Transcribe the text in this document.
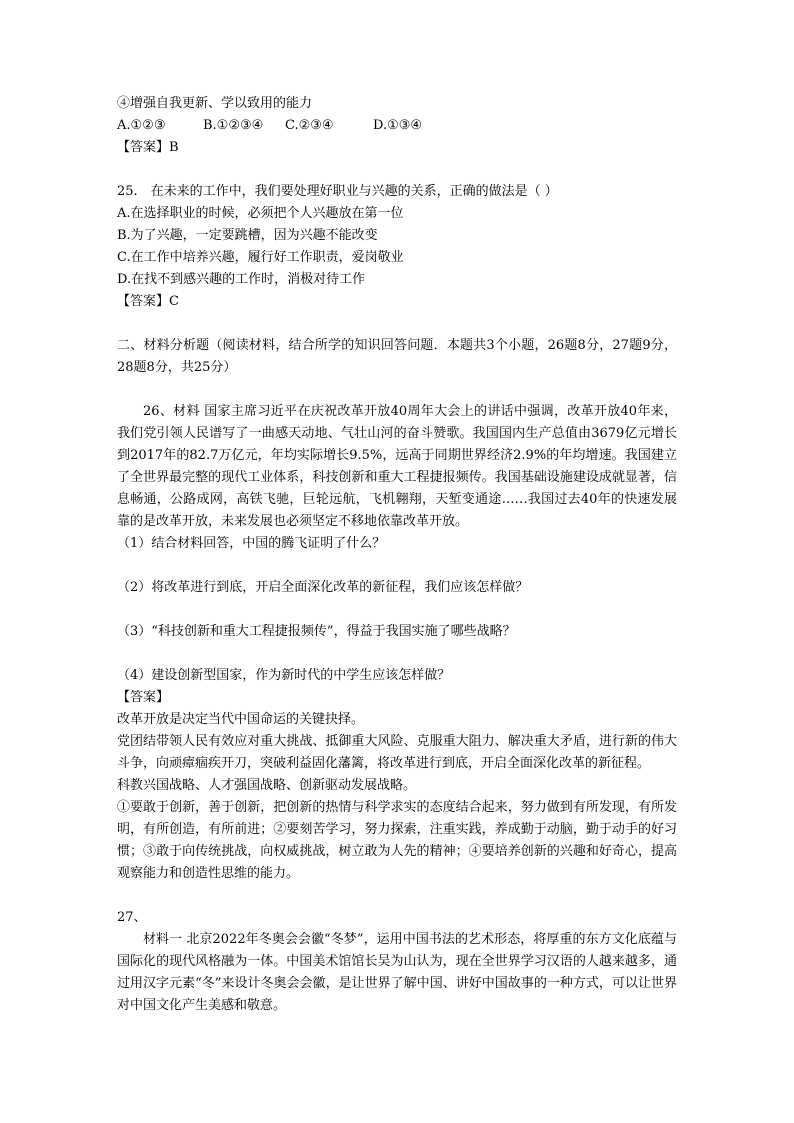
④增强自我更新、学以致用的能力
A.①②③	B.①②③④ C.②③④	D.①③④
【答案】B
25.　在未来的工作中，我们要处理好职业与兴趣的关系，正确的做法是（ ）
A.在选择职业的时候，必须把个人兴趣放在第一位
B.为了兴趣，一定要跳槽，因为兴趣不能改变
C.在工作中培养兴趣，履行好工作职责，爱岗敬业
D.在找不到感兴趣的工作时，消极对待工作
【答案】C
二、材料分析题（阅读材料，结合所学的知识回答问题．本题共3个小题，26题8分，27题9分，28题8分，共25分）
26、材料 国家主席习近平在庆祝改革开放40周年大会上的讲话中强调，改革开放40年来，我们党引领人民谱写了一曲感天动地、气壮山河的奋斗赞歌。我国国内生产总值由3679亿元增长到2017年的82.7万亿元，年均实际增长9.5%，远高于同期世界经济2.9%的年均增速。我国建立了全世界最完整的现代工业体系，科技创新和重大工程捷报频传。我国基础设施建设成就显著，信息畅通，公路成网，高铁飞驰，巨轮远航，飞机翱翔，天堑变通途……我国过去40年的快速发展靠的是改革开放，未来发展也必须坚定不移地依靠改革开放。
（1）结合材料回答，中国的腾飞证明了什么？
（2）将改革进行到底，开启全面深化改革的新征程，我们应该怎样做？
（3）“科技创新和重大工程捷报频传”，得益于我国实施了哪些战略？
（4）建设创新型国家，作为新时代的中学生应该怎样做？
【答案】
改革开放是决定当代中国命运的关键抉择。
党团结带领人民有效应对重大挑战、抵御重大风险、克服重大阻力、解决重大矛盾，进行新的伟大斗争，向顽瘴痼疾开刀，突破利益固化藩篱，将改革进行到底，开启全面深化改革的新征程。
科教兴国战略、人才强国战略、创新驱动发展战略。
①要敢于创新，善于创新，把创新的热情与科学求实的态度结合起来，努力做到有所发现，有所发明，有所创造，有所前进；②要刻苦学习，努力探索，注重实践，养成勤于动脑，勤于动手的好习惯；③敢于向传统挑战，向权威挑战，树立敢为人先的精神；④要培养创新的兴趣和好奇心，提高观察能力和创造性思维的能力。
27、
材料一 北京2022年冬奥会会徽“冬梦”，运用中国书法的艺术形态，将厚重的东方文化底蕴与国际化的现代风格融为一体。中国美术馆馆长吴为山认为，现在全世界学习汉语的人越来越多，通过用汉字元素“冬”来设计冬奥会会徽，是让世界了解中国、讲好中国故事的一种方式，可以让世界对中国文化产生美感和敬意。
